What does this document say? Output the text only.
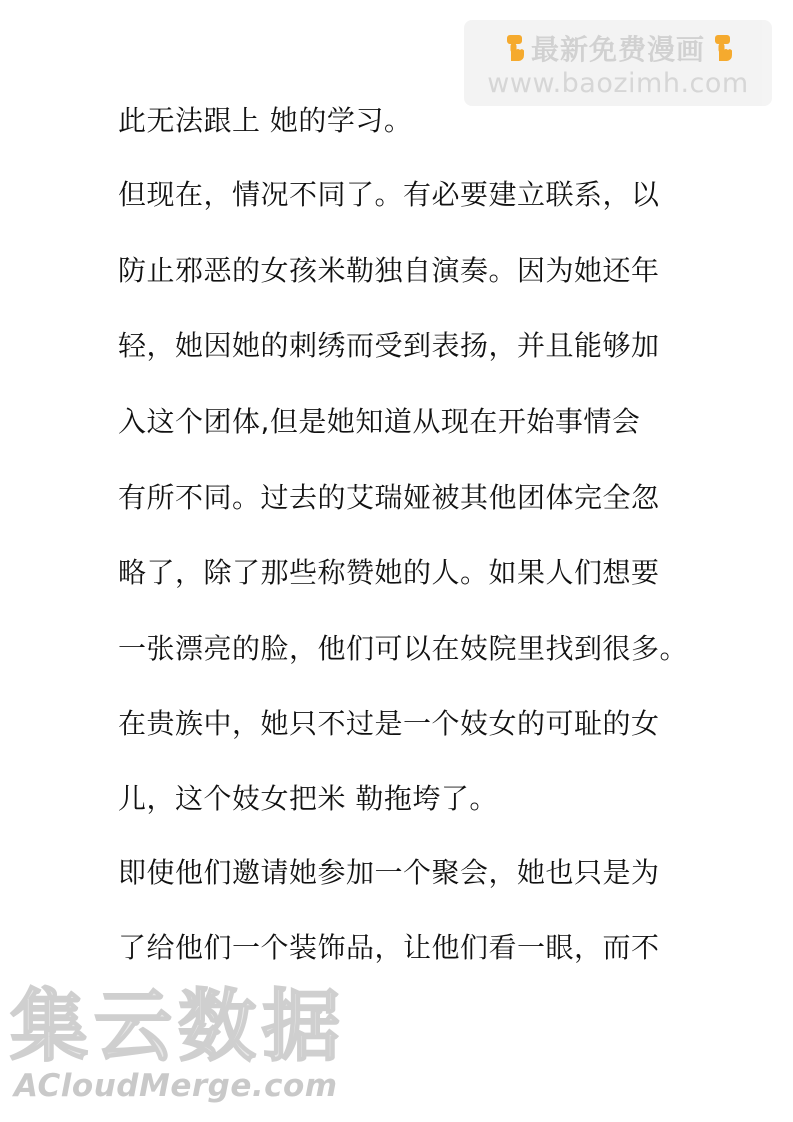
最新免费漫画
www.baozimh.com
此无法跟上 她的学习。
但现在，情况不同了。有必要建立联系，以
防止邪恶的女孩米勒独自演奏。因为她还年
轻，她因她的刺绣而受到表扬，并且能够加
入这个团体,但是她知道从现在开始事情会
有所不同。过去的艾瑞娅被其他团体完全忽
略了，除了那些称赞她的人。如果人们想要
一张漂亮的脸，他们可以在妓院里找到很多。
在贵族中，她只不过是一个妓女的可耻的女
儿，这个妓女把米 勒拖垮了。
即使他们邀请她参加一个聚会，她也只是为
了给他们一个装饰品，让他们看一眼，而不
集云数据
ACloudMerge.com
